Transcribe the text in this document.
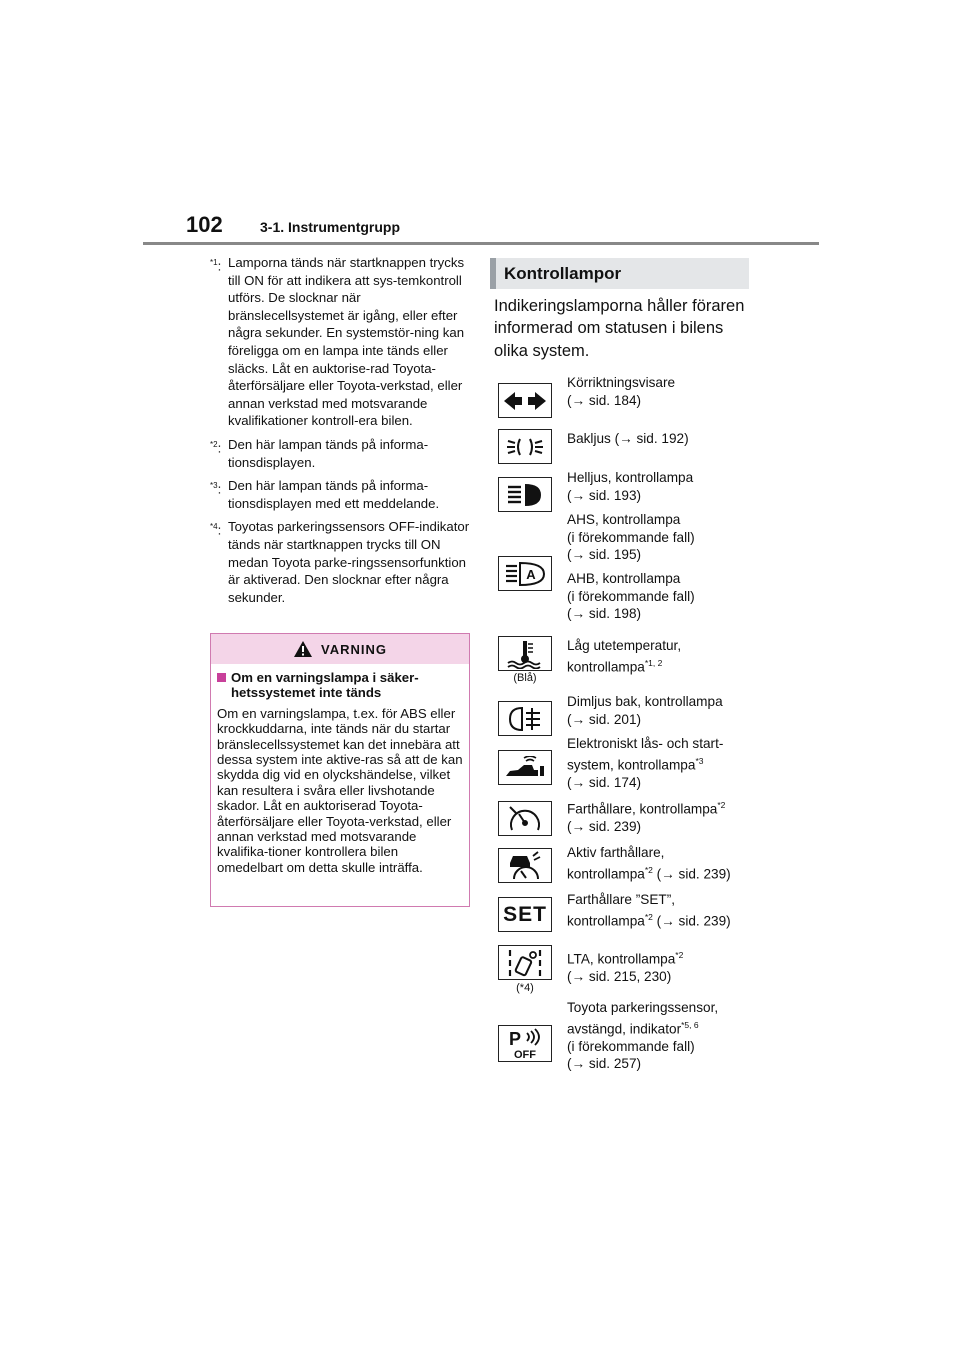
102	3-1. Instrumentgrupp
$^{*1}$: Lamporna tänds när startknappen trycks till ON för att indikera att sys-temkontroll utförs. De slocknar när bränslecellsystemet är igång, eller efter några sekunder. En systemstör-ning kan föreligga om en lampa inte tänds eller släcks. Låt en auktorise-rad Toyota-återförsäljare eller Toyota-verkstad, eller annan verkstad med motsvarande kvalifikationer kontroll-era bilen.
$^{*2}$: Den här lampan tänds på informa-tionsdisplayen.
$^{*3}$: Den här lampan tänds på informa-tionsdisplayen med ett meddelande.
$^{*4}$: Toyotas parkeringssensors OFF-indikator tänds när startknappen trycks till ON medan Toyota parke-ringssensorfunktion är aktiverad. Den slocknar efter några sekunder.
VARNING
Om en varningslampa i säker-hetssystemet inte tänds
Om en varningslampa, t.ex. för ABS eller krockkuddarna, inte tänds när du startar bränslecellssystemet kan det innebära att dessa system inte aktive-ras så att de kan skydda dig vid en olyckshändelse, vilket kan resultera i svåra eller livshotande skador. Låt en auktoriserad Toyota-återförsäljare eller Toyota-verkstad, eller annan verkstad med motsvarande kvalifika-tioner kontrollera bilen omedelbart om detta skulle inträffa.
Kontrollampor
Indikeringslamporna håller föraren informerad om statusen i bilens olika system.
Körriktningsvisare
(→ sid. 184)
Bakljus (→ sid. 192)
Helljus, kontrollampa
(→ sid. 193)
A
AHS, kontrollampa
(i förekommande fall)
(→ sid. 195)
AHB, kontrollampa
(i förekommande fall)
(→ sid. 198)
(Blå)
Låg utetemperatur,
kontrollampa$^{*1, 2}$
Dimljus bak, kontrollampa
(→ sid. 201)
Elektroniskt lås- och start-
system, kontrollampa$^{*3}$
(→ sid. 174)
Farthållare, kontrollampa$^{*2}$
(→ sid. 239)
Aktiv farthållare,
kontrollampa$^{*2}$ (→ sid. 239)
SET
Farthållare ”SET”,
kontrollampa$^{*2}$ (→ sid. 239)
(*4)
LTA, kontrollampa$^{*2}$
(→ sid. 215, 230)
P
OFF
Toyota parkeringssensor,
avstängd, indikator$^{*5, 6}$
(i förekommande fall)
(→ sid. 257)
